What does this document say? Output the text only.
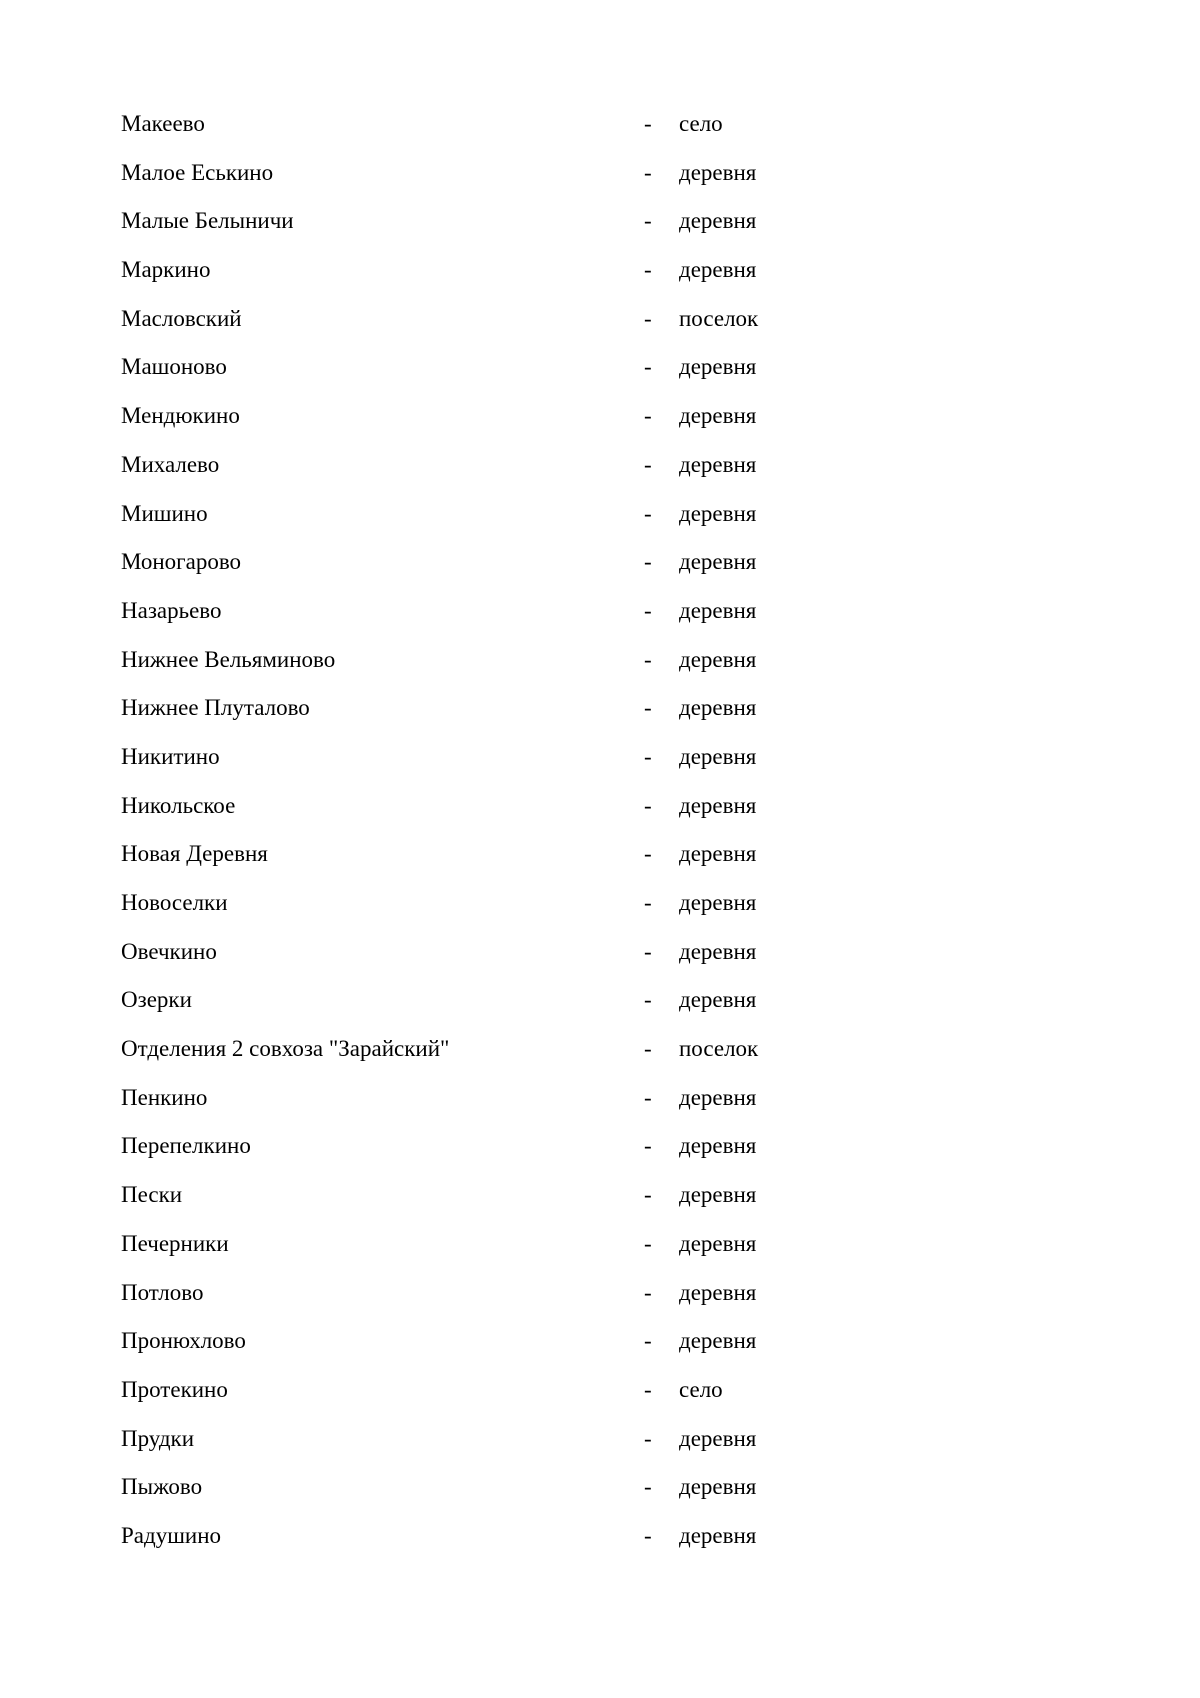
Макеево	- село
Малое Еськино	- деревня
Малые Белыничи	- деревня
Маркино	- деревня
Масловский	- поселок
Машоново	- деревня
Мендюкино	- деревня
Михалево	- деревня
Мишино	- деревня
Моногарово	- деревня
Назарьево	- деревня
Нижнее Вельяминово	- деревня
Нижнее Плуталово	- деревня
Никитино	- деревня
Никольское	- деревня
Новая Деревня	- деревня
Новоселки	- деревня
Овечкино	- деревня
Озерки	- деревня
Отделения 2 совхоза "Зарайский"	- поселок
Пенкино	- деревня
Перепелкино	- деревня
Пески	- деревня
Печерники	- деревня
Потлово	- деревня
Пронюхлово	- деревня
Протекино	- село
Прудки	- деревня
Пыжово	- деревня
Радушино	- деревня
